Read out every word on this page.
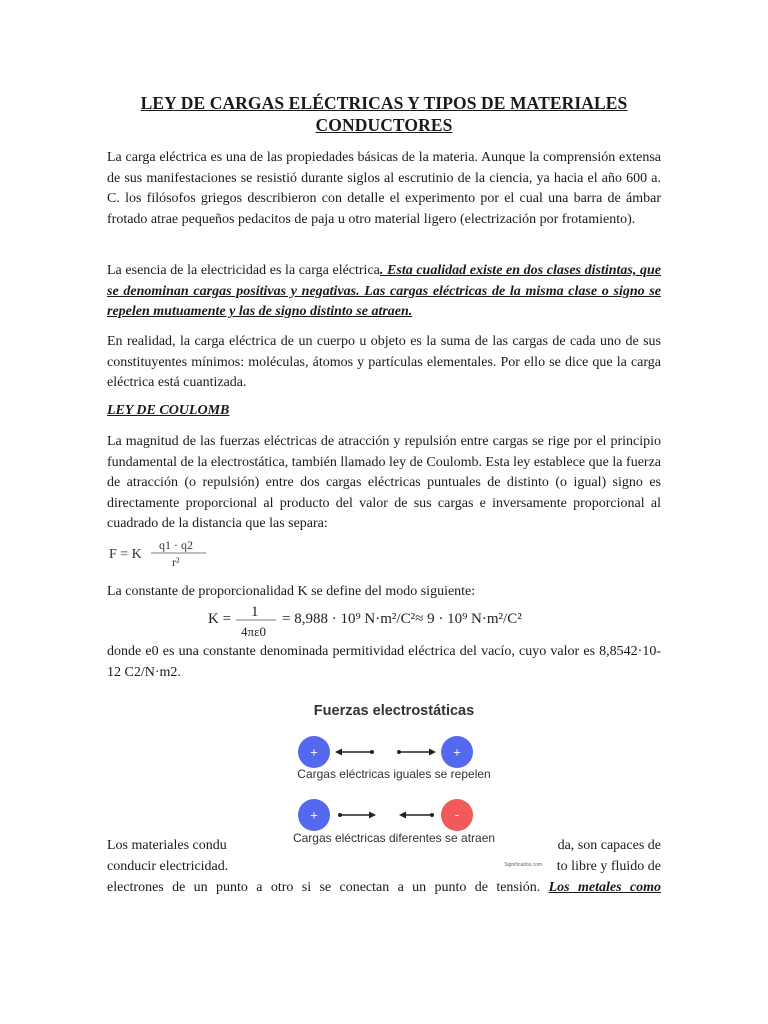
LEY DE CARGAS ELÉCTRICAS Y TIPOS DE MATERIALES
CONDUCTORES

La carga eléctrica es una de las propiedades básicas de la materia. Aunque la comprensión extensa de sus manifestaciones se resistió durante siglos al escrutinio de la ciencia, ya hacia el año 600 a. C. los filósofos griegos describieron con detalle el experimento por el cual una barra de ámbar frotado atrae pequeños pedacitos de paja u otro material ligero (electrización por frotamiento).

La esencia de la electricidad es la carga eléctrica. Esta cualidad existe en dos clases distintas, que se denominan cargas positivas y negativas. Las cargas eléctricas de la misma clase o signo se repelen mutuamente y las de signo distinto se atraen.

En realidad, la carga eléctrica de un cuerpo u objeto es la suma de las cargas de cada uno de sus constituyentes mínimos: moléculas, átomos y partículas elementales. Por ello se dice que la carga eléctrica está cuantizada.

LEY DE COULOMB

La magnitud de las fuerzas eléctricas de atracción y repulsión entre cargas se rige por el principio fundamental de la electrostática, también llamado ley de Coulomb. Esta ley establece que la fuerza de atracción (o repulsión) entre dos cargas eléctricas puntuales de distinto (o igual) signo es directamente proporcional al producto del valor de sus cargas e inversamente proporcional al cuadrado de la distancia que las separa:

F = K
q1 · q2
r²

La constante de proporcionalidad K se define del modo siguiente:

K = 1
4πε0
= 8,988 · 10⁹ N·m²/C²≈ 9 · 10⁹ N·m²/C²

donde e0 es una constante denominada permitividad eléctrica del vacío, cuyo valor es 8,8542·10-12 C2/N·m2.

Fuerzas electrostáticas
+	+
+	-
Cargas eléctricas iguales se repelen
Cargas eléctricas diferentes se atraen
Significados.com
Los materiales condu	da, son capaces de
conducir electricidad.	to libre y fluido de
electrones de un punto a otro si se conectan a un punto de tensión. Los metales como
